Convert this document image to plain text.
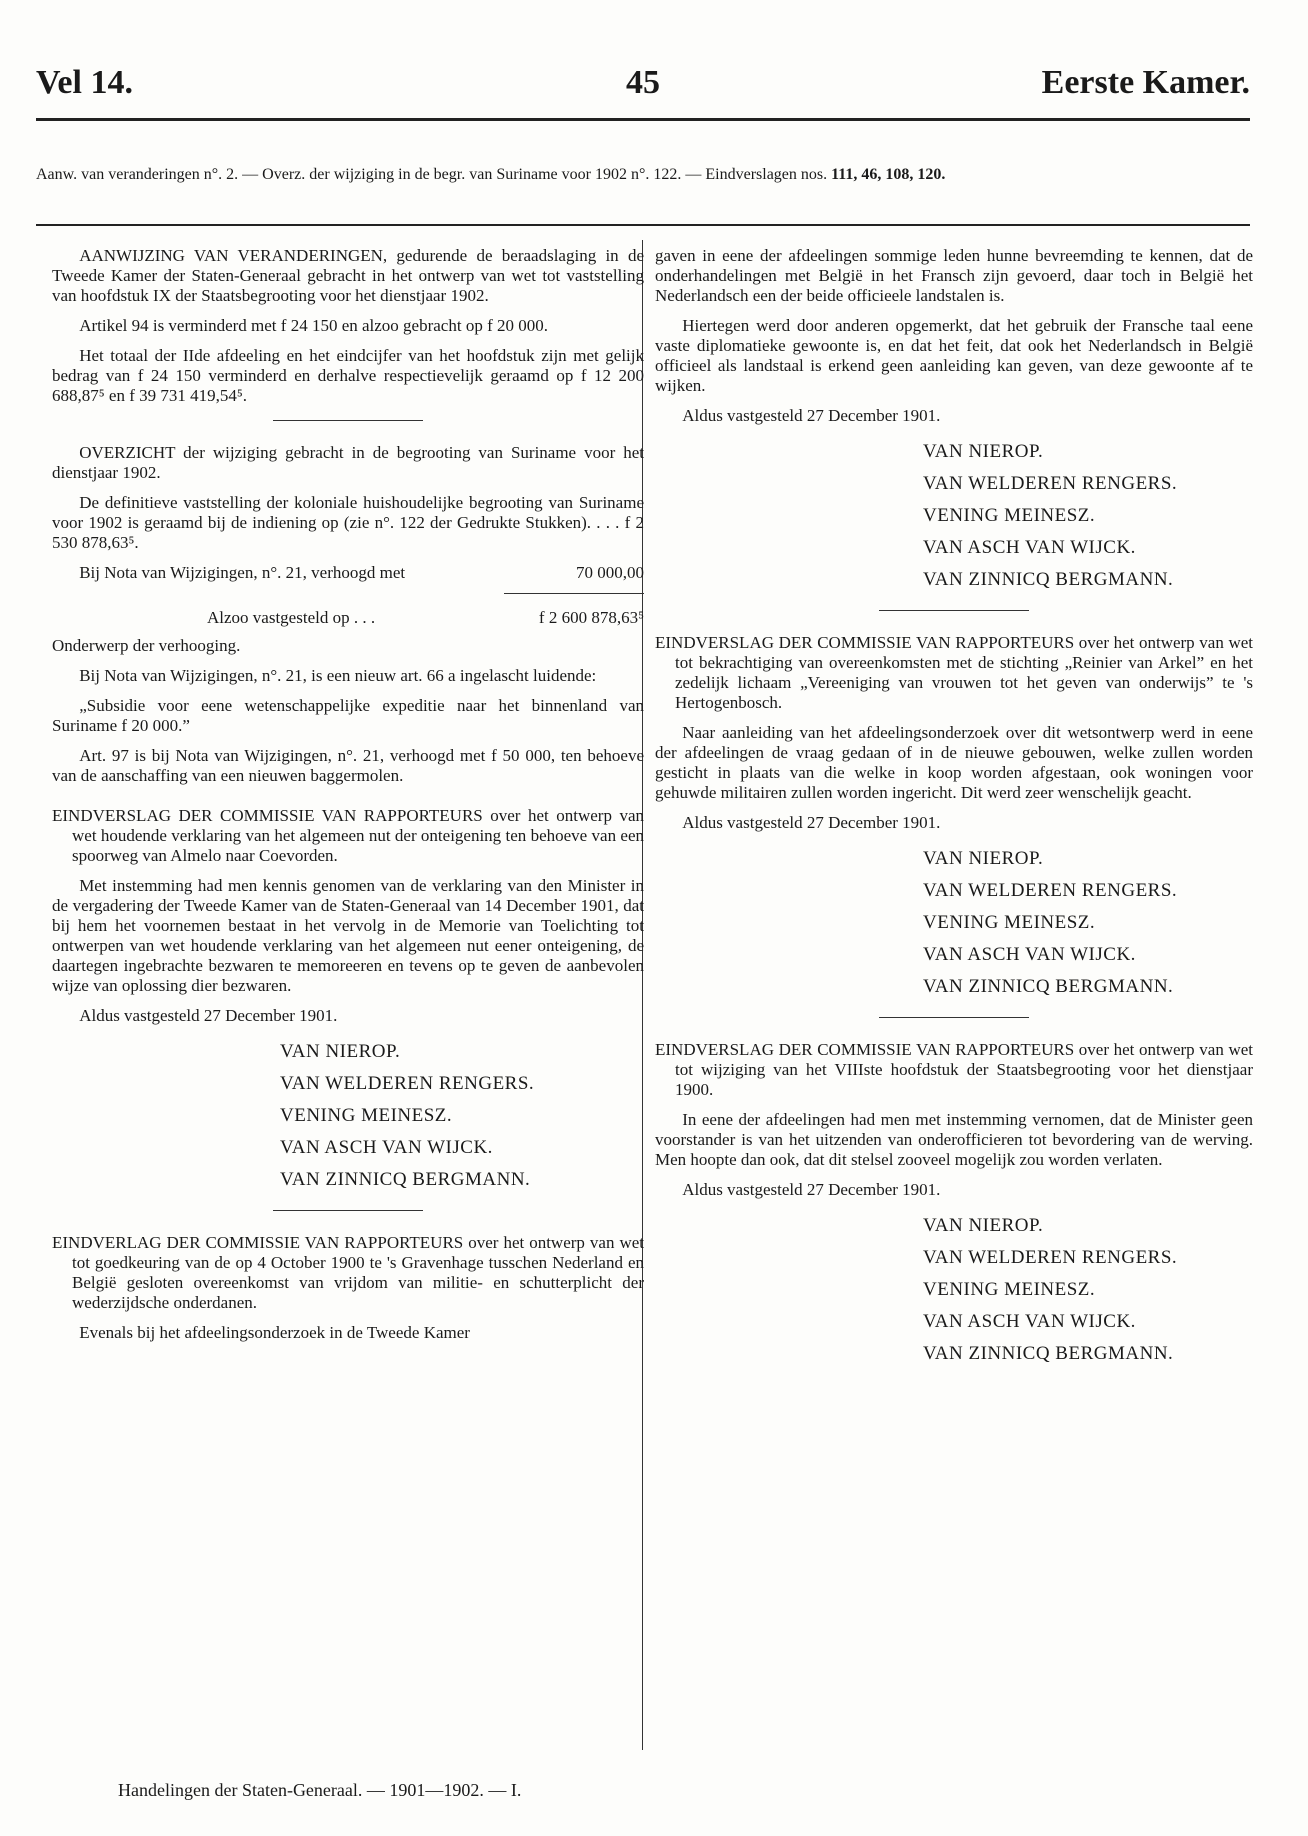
Vel 14.	45	Eerste Kamer.
Aanw. van veranderingen n°. 2. — Overz. der wijziging in de begr. van Suriname voor 1902 n°. 122. — Eindverslagen nos. 111, 46, 108, 120.

AANWIJZING VAN VERANDERINGEN, gedurende de beraadslaging in de Tweede Kamer der Staten-Generaal gebracht in het ontwerp van wet tot vaststelling van hoofdstuk IX der Staatsbegrooting voor het dienstjaar 1902.

Artikel 94 is verminderd met f 24 150 en alzoo gebracht op f 20 000.

Het totaal der IIde afdeeling en het eindcijfer van het hoofdstuk zijn met gelijk bedrag van f 24 150 verminderd en derhalve respectievelijk geraamd op f 12 200 688,87⁵ en f 39 731 419,54⁵.

OVERZICHT der wijziging gebracht in de begrooting van Suriname voor het dienstjaar 1902.

De definitieve vaststelling der koloniale huishoudelijke begrooting van Suriname voor 1902 is geraamd bij de indiening op (zie n°. 122 der Gedrukte Stukken). . . . f 2 530 878,63⁵.

Bij Nota van Wijzigingen, n°. 21, verhoogd met	70 000,00
Alzoo vastgesteld op . . .	f 2 600 878,63⁵

Onderwerp der verhooging.

Bij Nota van Wijzigingen, n°. 21, is een nieuw art. 66 a ingelascht luidende:

„Subsidie voor eene wetenschappelijke expeditie naar het binnenland van Suriname f 20 000.”

Art. 97 is bij Nota van Wijzigingen, n°. 21, verhoogd met f 50 000, ten behoeve van de aanschaffing van een nieuwen baggermolen.

EINDVERSLAG DER COMMISSIE VAN RAPPORTEURS over het ontwerp van wet houdende verklaring van het algemeen nut der onteigening ten behoeve van een spoorweg van Almelo naar Coevorden.

Met instemming had men kennis genomen van de verklaring van den Minister in de vergadering der Tweede Kamer van de Staten-Generaal van 14 December 1901, dat bij hem het voornemen bestaat in het vervolg in de Memorie van Toelichting tot ontwerpen van wet houdende verklaring van het algemeen nut eener onteigening, de daartegen ingebrachte bezwaren te memoreeren en tevens op te geven de aanbevolen wijze van oplossing dier bezwaren.

Aldus vastgesteld 27 December 1901.

VAN NIEROP.
VAN WELDEREN RENGERS.
VENING MEINESZ.
VAN ASCH VAN WIJCK.
VAN ZINNICQ BERGMANN.

EINDVERLAG DER COMMISSIE VAN RAPPORTEURS over het ontwerp van wet tot goedkeuring van de op 4 October 1900 te 's Gravenhage tusschen Nederland en België gesloten overeenkomst van vrijdom van militie- en schutterplicht der wederzijdsche onderdanen.

Evenals bij het afdeelingsonderzoek in de Tweede Kamer

gaven in eene der afdeelingen sommige leden hunne bevreemding te kennen, dat de onderhandelingen met België in het Fransch zijn gevoerd, daar toch in België het Nederlandsch een der beide officieele landstalen is.

Hiertegen werd door anderen opgemerkt, dat het gebruik der Fransche taal eene vaste diplomatieke gewoonte is, en dat het feit, dat ook het Nederlandsch in België officieel als landstaal is erkend geen aanleiding kan geven, van deze gewoonte af te wijken.

Aldus vastgesteld 27 December 1901.

VAN NIEROP.
VAN WELDEREN RENGERS.
VENING MEINESZ.
VAN ASCH VAN WIJCK.
VAN ZINNICQ BERGMANN.

EINDVERSLAG DER COMMISSIE VAN RAPPORTEURS over het ontwerp van wet tot bekrachtiging van overeenkomsten met de stichting „Reinier van Arkel” en het zedelijk lichaam „Vereeniging van vrouwen tot het geven van onderwijs” te 's Hertogenbosch.

Naar aanleiding van het afdeelingsonderzoek over dit wetsontwerp werd in eene der afdeelingen de vraag gedaan of in de nieuwe gebouwen, welke zullen worden gesticht in plaats van die welke in koop worden afgestaan, ook woningen voor gehuwde militairen zullen worden ingericht. Dit werd zeer wenschelijk geacht.

Aldus vastgesteld 27 December 1901.

VAN NIEROP.
VAN WELDEREN RENGERS.
VENING MEINESZ.
VAN ASCH VAN WIJCK.
VAN ZINNICQ BERGMANN.

EINDVERSLAG DER COMMISSIE VAN RAPPORTEURS over het ontwerp van wet tot wijziging van het VIIIste hoofdstuk der Staatsbegrooting voor het dienstjaar 1900.

In eene der afdeelingen had men met instemming vernomen, dat de Minister geen voorstander is van het uitzenden van onderofficieren tot bevordering van de werving. Men hoopte dan ook, dat dit stelsel zooveel mogelijk zou worden verlaten.

Aldus vastgesteld 27 December 1901.

VAN NIEROP.
VAN WELDEREN RENGERS.
VENING MEINESZ.
VAN ASCH VAN WIJCK.
VAN ZINNICQ BERGMANN.
Handelingen der Staten-Generaal. — 1901—1902. — I.
